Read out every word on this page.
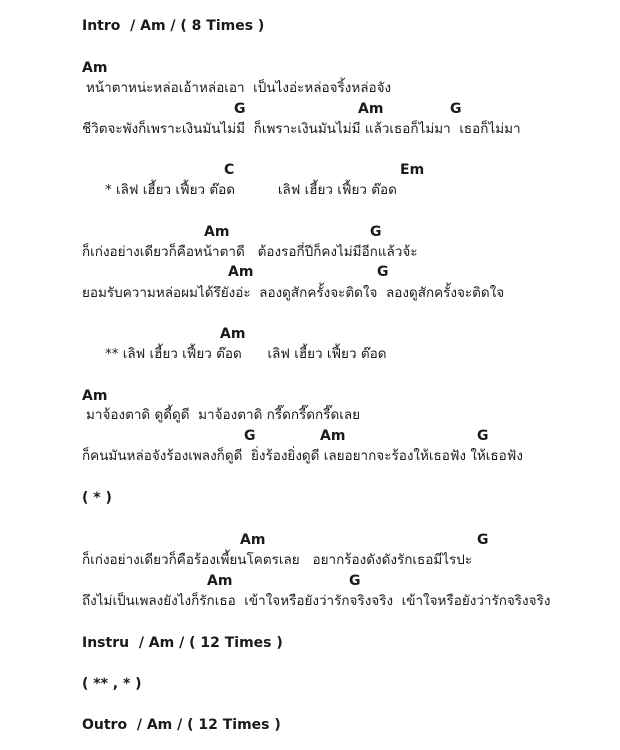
Intro  / Am / ( 8 Times )
Am
หน้าตาหน่ะหล่อเอ้าหล่อเอา  เป็นไงอ่ะหล่อจริ้งหล่อจัง
G	Am	G
ชีวิตจะพังก็เพราะเงินมันไม่มี  ก็เพราะเงินมันไม่มี แล้วเธอก็ไม่มา  เธอก็ไม่มา
C	Em
* เลิฟ เฮี้ยว เฟี้ยว ต๊อด          เลิฟ เฮี้ยว เฟี้ยว ต๊อด
Am	G
ก็เก่งอย่างเดียวก็คือหน้าตาดี   ต้องรอกี่ปีก็คงไม่มีอีกแล้วจ้ะ
Am	G
ยอมรับความหล่อผมได้รึยังอ่ะ  ลองดูสักครั้งจะติดใจ  ลองดูสักครั้งจะติดใจ
Am
** เลิฟ เฮี้ยว เฟี้ยว ต๊อด      เลิฟ เฮี้ยว เฟี้ยว ต๊อด
Am
มาจ้องตาดิ ดูดี้ดูดี  มาจ้องตาดิ กรี๊ดกรี๊ดกรี๊ดเลย
G	Am	G
ก็คนมันหล่อจังร้องเพลงก็ดูดี  ยิ่งร้องยิ่งดูดี เลยอยากจะร้องให้เธอฟัง ให้เธอฟัง
( * )
Am	G
ก็เก่งอย่างเดียวก็คือร้องเพี้ยนโคตรเลย   อยากร้องดังดังรักเธอมีไรปะ
Am	G
ถึงไม่เป็นเพลงยังไงก็รักเธอ  เข้าใจหรือยังว่ารักจริงจริง  เข้าใจหรือยังว่ารักจริงจริง
Instru  / Am / ( 12 Times )
( ** , * )
Outro  / Am / ( 12 Times )
